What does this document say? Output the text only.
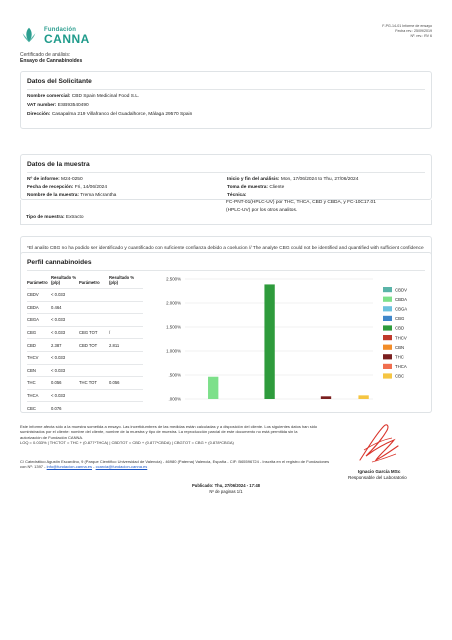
Fundación
CANNA
F-PG-14-01 Informe de ensayo
Fecha rev.: 25/09/2019
Nº. rev.: RV 6
Certificado de análisis:
Ensayo de Cannabinoides
Datos del Solicitante
Nombre comercial: CBD Spain Medicinal Food S.L.
VAT number: ESB93540490
Dirección: Casapalma 219 Villafranco del Guadalhorce, Málaga 29570 Spain
Datos de la muestra
Nº de informe: M24-0250
Fecha de recepción: Fri, 14/06/2024
Nombre de la muestra: Trema Micrantha
Inicio y fin del análisis: Mon, 17/06/2024 to Thu, 27/06/2024
Toma de muestra: Cliente
Técnica:
FC-PNT-01(HPLC-UV) por THC, THCA, CBD y CBDA, y FC-10C17.01
(HPLC-UV) por los otros analitos.
Tipo de muestra: Extracto
*El analito CBG no ha podido ser identificado y cuantificado con suficiente confianza debido a coelucion // The analyte CBG could not be identified and quantified with sufficient confidence
Perfil cannabinoides
Parámetro	Resultado % (p/p)	Parámetro	Resultado % (p/p)
CBDV	< 0.033		
CBDA	0.464		
CBGA	< 0.033		
CBG	< 0.033	CBG TOT	/
CBD	2.387	CBD TOT	2.811
THCV	< 0.033		
CBN	< 0.033		
THC	0.056	THC TOT	0.056
THCA	< 0.033		
CBC	0.076		
.000%
.500%
1.000%
1.500%
2.000%
2.500%
CBDV
CBDA
CBGA
CBG
CBD
THCV
CBN
THC
THCA
CBC
Este informe afecta sólo a la muestra sometida a ensayo. Las incertidumbres de las medidas están calculadas y a disposición del cliente. Los siguientes datos han sido suministrados por el cliente: nombre del cliente, nombre de la muestra y tipo de muestra. La reproducción parcial de este documento no está permitida sin la autorización de Fundación CANNA.
LOQ = 0.033% | THCTOT = THC + (0.877*THCA) | CBDTOT = CBD + (0.877*CBDA) | CBGTOT = CBG + (0.878*CBGA)
C/ Catedrático Agustín Escardino, 9 (Parque Científico Universidad de Valencia) - 46980 (Paterna) Valencia, España - CIF: B65596724 - Inscrita en el registro de Fundaciones con Nº: 1397 - info@fundacion-canna.es - ccarcia@fundacion-canna.es
Ignacio García MSc
Responsable del Laboratorio
Publicado: Thu, 27/06/2024 - 17:48
Nº de paginas 1/1
